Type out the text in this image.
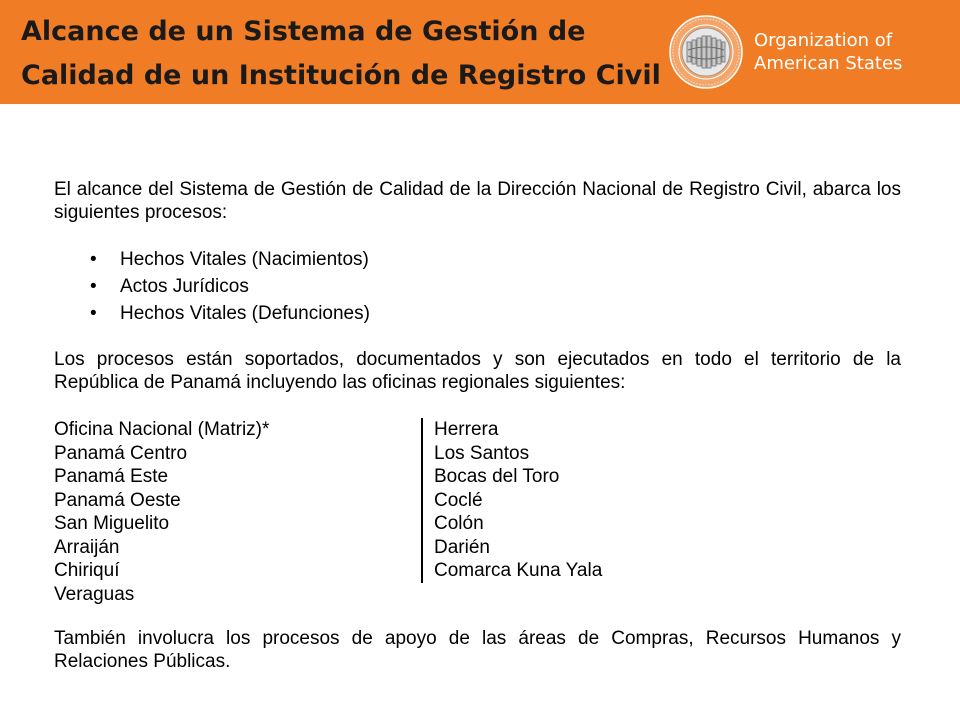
Alcance de un Sistema de Gestión de
Calidad de un Institución de Registro Civil
Organization of
American States

El alcance del Sistema de Gestión de Calidad de la Dirección Nacional de Registro Civil, abarca los siguientes procesos:

• Hechos Vitales (Nacimientos)
• Actos Jurídicos
• Hechos Vitales (Defunciones)

Los procesos están soportados, documentados y son ejecutados en todo el territorio de la República de Panamá incluyendo las oficinas regionales siguientes:

Oficina Nacional (Matriz)*
Panamá Centro
Panamá Este
Panamá Oeste
San Miguelito
Arraiján
Chiriquí
Veraguas
Herrera
Los Santos
Bocas del Toro
Coclé
Colón
Darién
Comarca Kuna Yala

También involucra los procesos de apoyo de las áreas de Compras, Recursos Humanos y Relaciones Públicas.
